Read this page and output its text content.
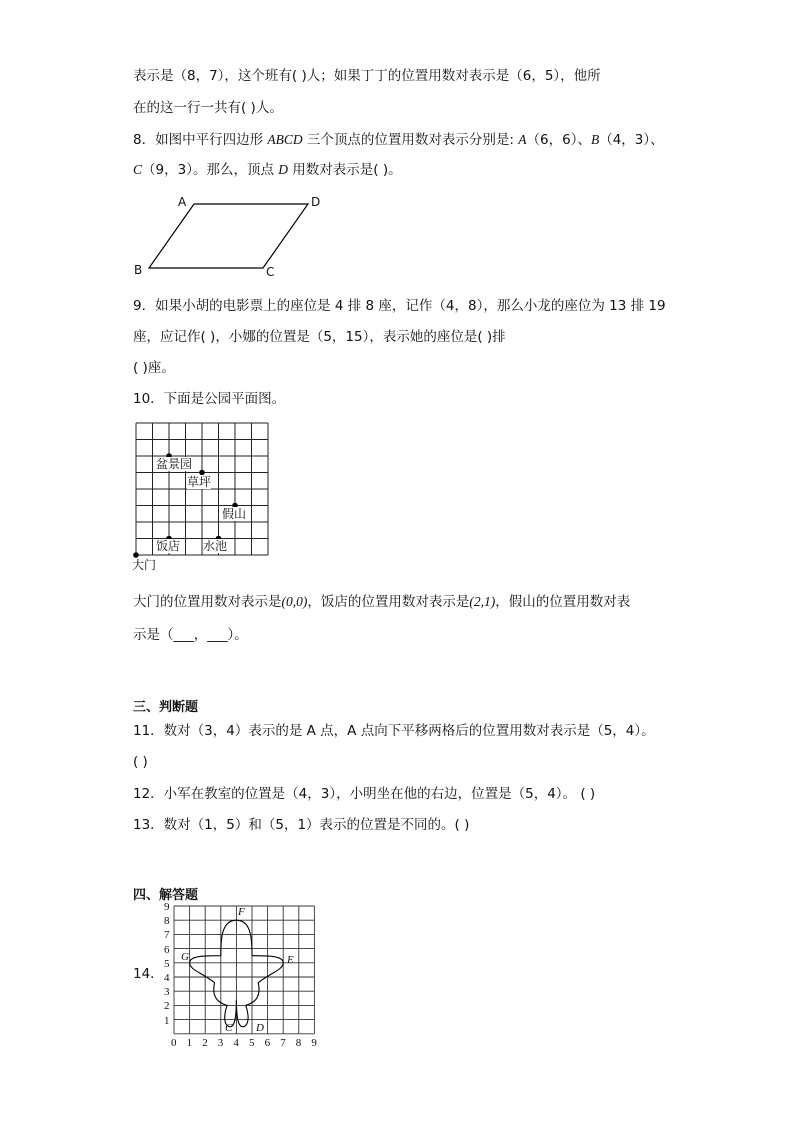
表示是（8，7），这个班有( )人；如果丁丁的位置用数对表示是（6，5），他所
在的这一行一共有( )人。
8．如图中平行四边形 ABCD 三个顶点的位置用数对表示分别是: A（6，6）、B（4，3）、
C（9，3）。那么，顶点 D 用数对表示是( )。
A	D
B	C
9．如果小胡的电影票上的座位是 4 排 8 座，记作（4，8），那么小龙的座位为 13 排 19
座，应记作( )，小娜的位置是（5，15），表示她的座位是( )排
( )座。
10．下面是公园平面图。
盆景园
草坪
假山
饭店 水池
大门
大门的位置用数对表示是(0,0)，饭店的位置用数对表示是(2,1)，假山的位置用数对表
示是（___，___）。
三、判断题
11．数对（3，4）表示的是 A 点，A 点向下平移两格后的位置用数对表示是（5，4）。
( )
12．小军在教室的位置是（4，3），小明坐在他的右边，位置是（5，4）。 ( )
13．数对（1，5）和（5，1）表示的位置是不同的。( )
四、解答题
14．
1
2
3
4
5
6
7
8
9
0 1 2 3 4 5 6 7 8 9
F
G	E
C D
